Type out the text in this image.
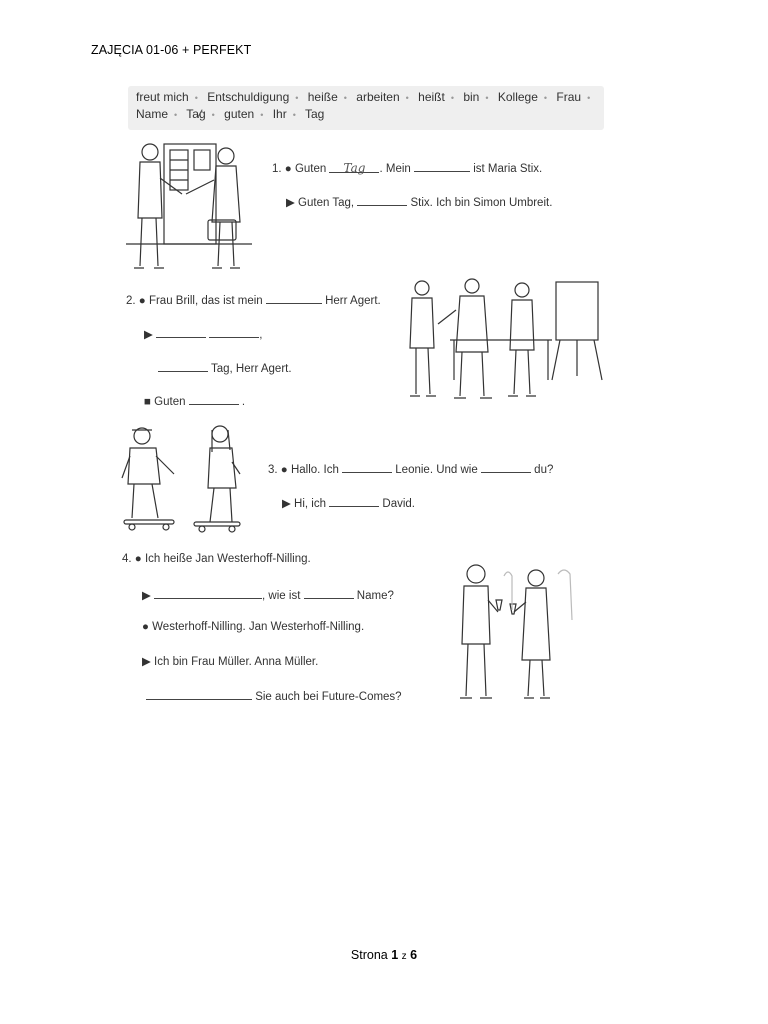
ZAJĘCIA 01-06 + PERFEKT
freut mich • Entschuldigung • heiße • arbeiten • heißt • bin • Kollege • Frau •
Name • Tag • guten • Ihr • Tag
1. ● Guten Tag . Mein	ist Maria Stix.
▶ Guten Tag,	Stix. Ich bin Simon Umbreit.
2. ● Frau Brill, das ist mein	Herr Agert.
▶	,
Tag, Herr Agert.
■ Guten	.
3. ● Hallo. Ich	Leonie. Und wie	du?
▶ Hi, ich	David.
4. ● Ich heiße Jan Westerhoff-Nilling.
▶	, wie ist	Name?
● Westerhoff-Nilling. Jan Westerhoff-Nilling.
▶ Ich bin Frau Müller. Anna Müller.
Sie auch bei Future-Comes?
Strona 1 z 6
